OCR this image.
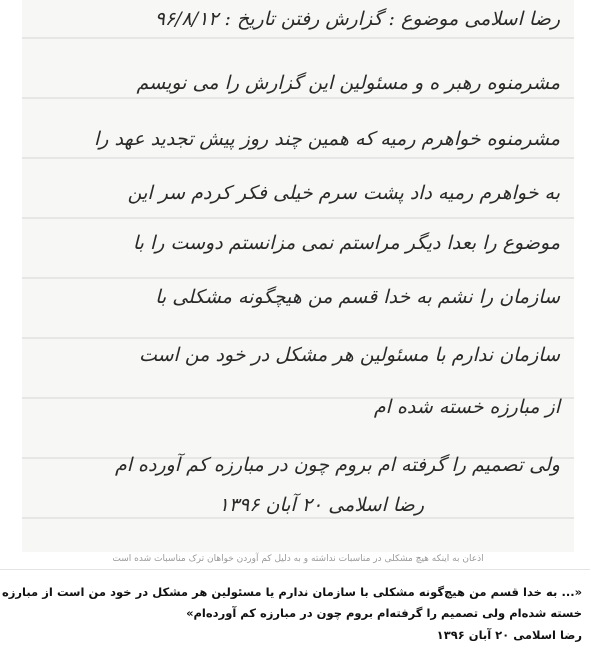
رضا اسلامی موضوع : گزارش رفتن تاریخ : ۹۶/۸/۱۲
مشرمنوه رهبر ه و مسئولین این گزارش را می نویسم
مشرمنوه خواهرم رمیه که همین چند روز پیش تجدید عهد را
به خواهرم رمیه داد پشت سرم خیلی فکر کردم سر این
موضوع را بعدا دیگر مراستم نمی مزانستم دوست را با
سازمان را نشم به خدا قسم من هیچگونه مشکلی با
سازمان ندارم با مسئولین هر مشکل در خود من است
از مبارزه خسته شده ام
ولی تصمیم را گرفته ام بروم چون در مبارزه کم آورده ام
رضا اسلامی ۲۰ آبان ۱۳۹۶
اذعان به اینکه هیچ مشکلی در مناسبات نداشته و به دلیل کم آوردن خواهان ترک مناسبات شده است
«... به خدا قسم من هیچ‌گونه مشکلی با سازمان ندارم یا مسئولین هر مشکل در خود من است از مبارزه خسته شده‌ام ولی تصمیم را گرفته‌ام بروم چون در مبارزه کم آورده‌ام»
رضا اسلامی ۲۰ آبان ۱۳۹۶
